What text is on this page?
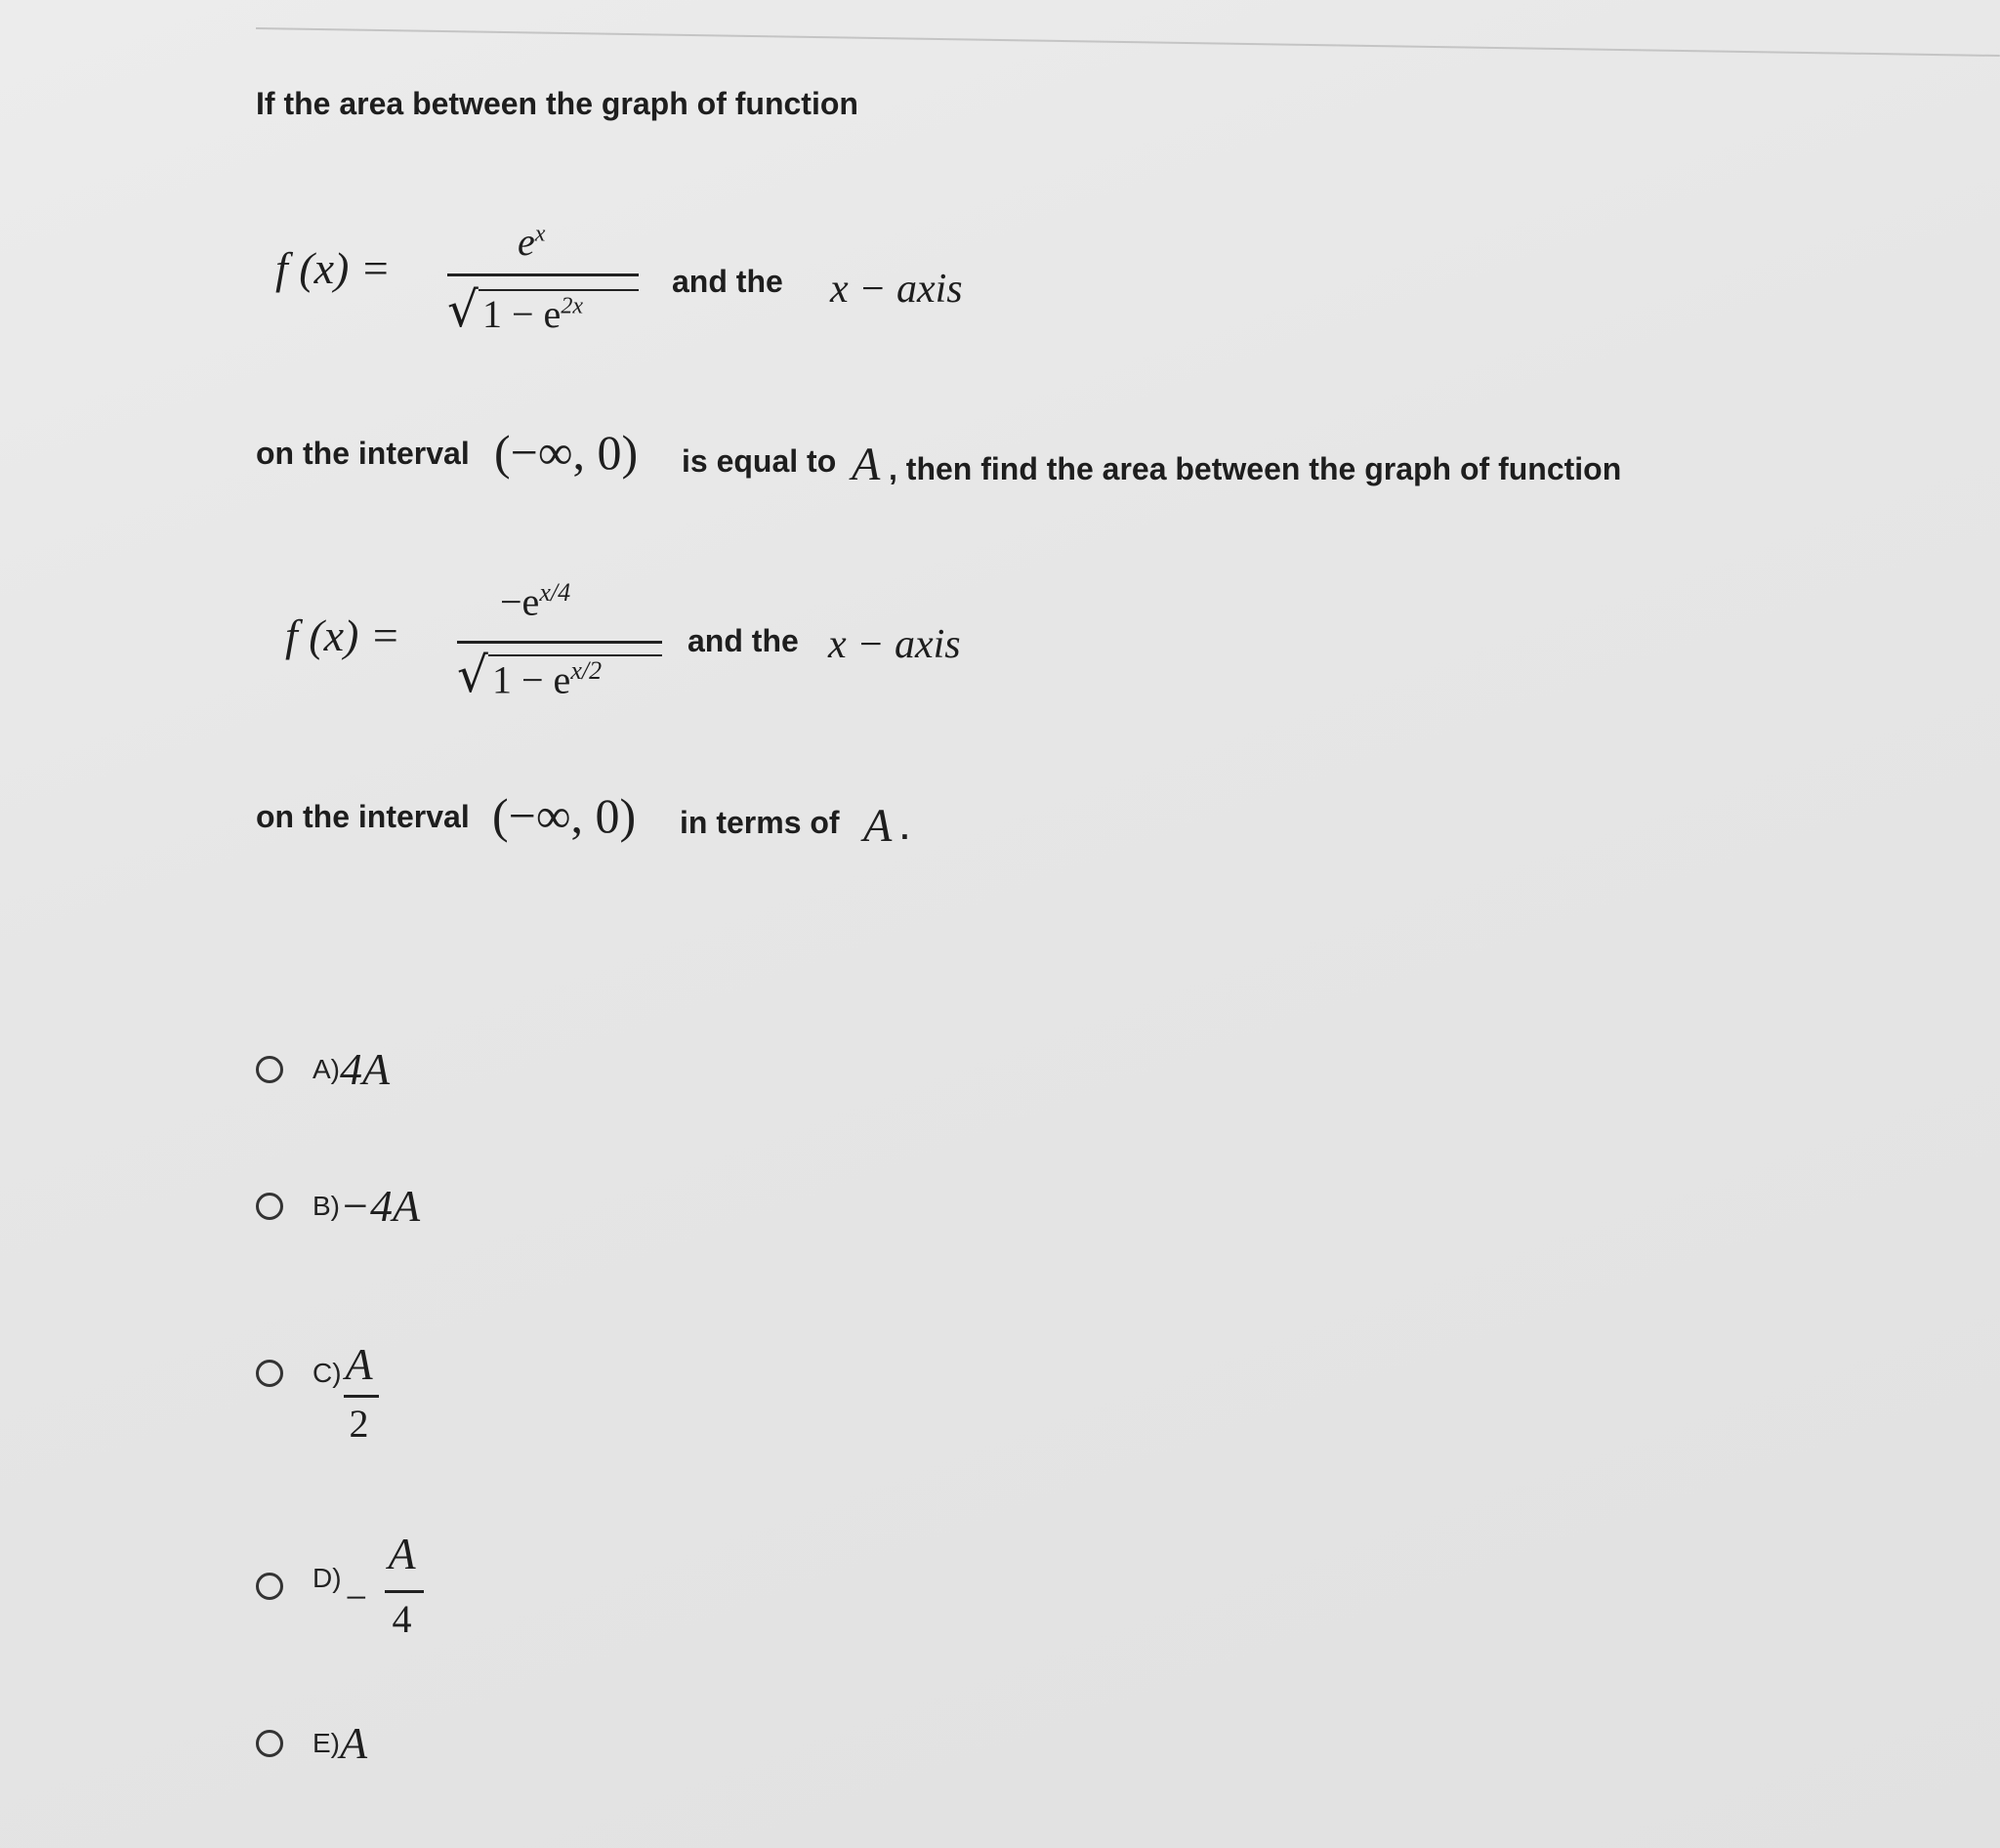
If the area between the graph of function
f (x) =
$e^x$
√ $1 - e^{2x}$
and the x − axis
on the interval (−∞, 0) is equal to A , then find the area between the graph of function
f (x) =
$-e^{x/4}$
√ $1 - e^{x/2}$
and the x − axis
on the interval (−∞, 0) in terms of A .
A) 4A
B) −4A
C) A
2
D) −
A
4
E) A
